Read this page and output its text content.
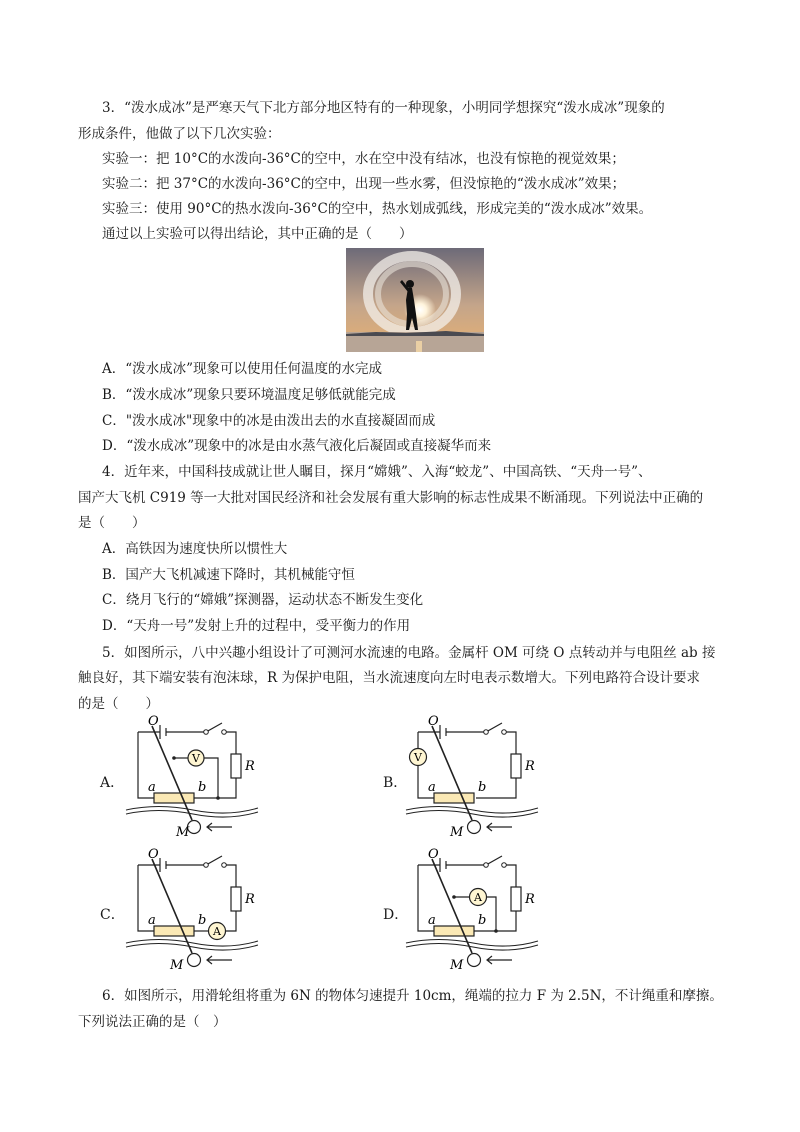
3．“泼水成冰”是严寒天气下北方部分地区特有的一种现象，小明同学想探究“泼水成冰”现象的
形成条件，他做了以下几次实验：
实验一：把 10°C的水泼向-36°C的空中，水在空中没有结冰，也没有惊艳的视觉效果；
实验二：把 37°C的水泼向-36°C的空中，出现一些水雾，但没惊艳的“泼水成冰”效果；
实验三：使用 90°C的热水泼向-36°C的空中，热水划成弧线，形成完美的“泼水成冰”效果。
通过以上实验可以得出结论，其中正确的是（　　）
A．“泼水成冰”现象可以使用任何温度的水完成
B．“泼水成冰”现象只要环境温度足够低就能完成
C．"泼水成冰"现象中的冰是由泼出去的水直接凝固而成
D．“泼水成冰”现象中的冰是由水蒸气液化后凝固或直接凝华而来
4．近年来，中国科技成就让世人瞩目，探月“嫦娥”、入海“蛟龙”、中国高铁、“天舟一号”、
国产大飞机 C919 等一大批对国民经济和社会发展有重大影响的标志性成果不断涌现。下列说法中正确的
是（　　）
A．高铁因为速度快所以惯性大
B．国产大飞机减速下降时，其机械能守恒
C．绕月飞行的“嫦娥”探测器，运动状态不断发生变化
D．“天舟一号”发射上升的过程中，受平衡力的作用
5．如图所示，八中兴趣小组设计了可测河水流速的电路。金属杆 OM 可绕 O 点转动并与电阻丝 ab 接
触良好，其下端安装有泡沫球，R 为保护电阻，当水流速度向左时电表示数增大。下列电路符合设计要求
的是（　　）
A．
R
V
O
M
a	b	B．
R
V
O
M
a	b
C．
R
A
O
M
a	b	D．
R
A
O
M
a	b
6．如图所示，用滑轮组将重为 6N 的物体匀速提升 10cm，绳端的拉力 F 为 2.5N，不计绳重和摩擦。
下列说法正确的是（　）
